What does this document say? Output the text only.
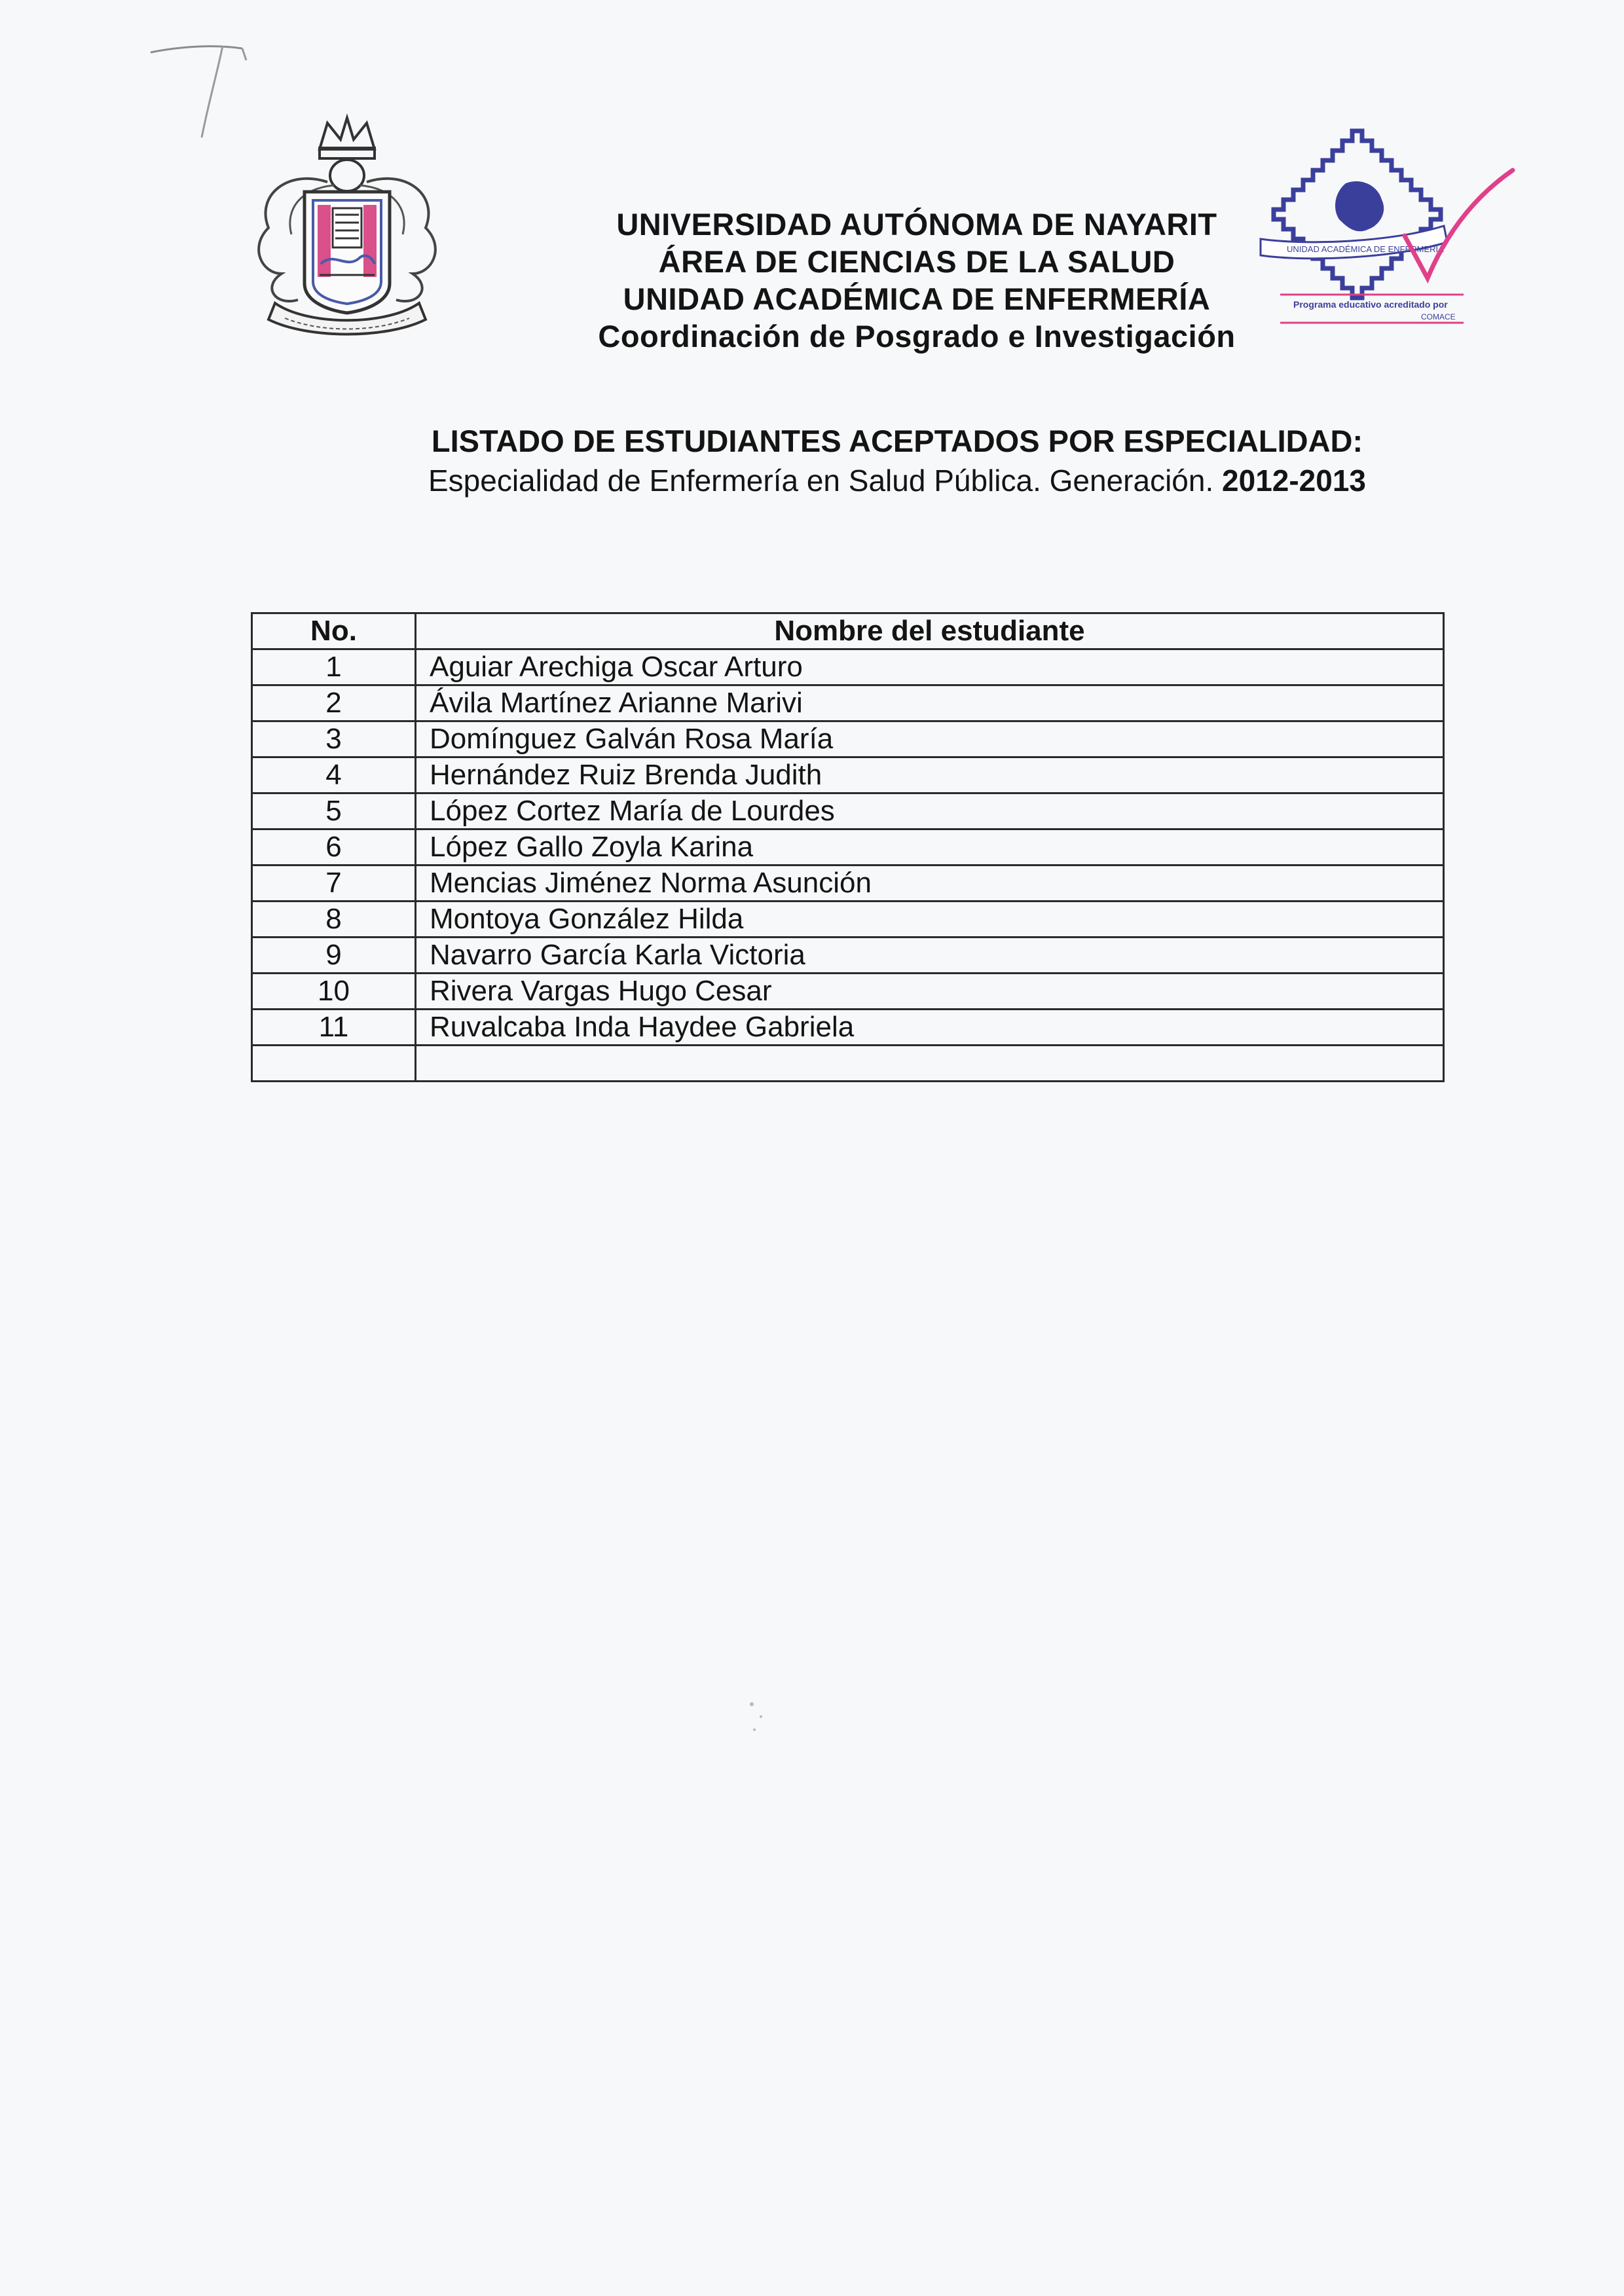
UNIVERSIDAD AUTÓNOMA DE NAYARIT
ÁREA DE CIENCIAS DE LA SALUD
UNIDAD ACADÉMICA DE ENFERMERÍA
Coordinación de Posgrado e Investigación
UNIDAD ACADÉMICA DE ENFERMERÍA
Programa educativo acreditado por
COMACE
LISTADO DE ESTUDIANTES ACEPTADOS POR ESPECIALIDAD:
Especialidad de Enfermería en Salud Pública. Generación. 2012-2013
No.	Nombre del estudiante
1	Aguiar Arechiga Oscar Arturo
2	Ávila Martínez Arianne Marivi
3	Domínguez Galván Rosa María
4	Hernández Ruiz Brenda Judith
5	López Cortez María de Lourdes
6	López Gallo Zoyla Karina
7	Mencias Jiménez Norma Asunción
8	Montoya González Hilda
9	Navarro García Karla Victoria
10	Rivera Vargas Hugo Cesar
11	Ruvalcaba Inda Haydee Gabriela
